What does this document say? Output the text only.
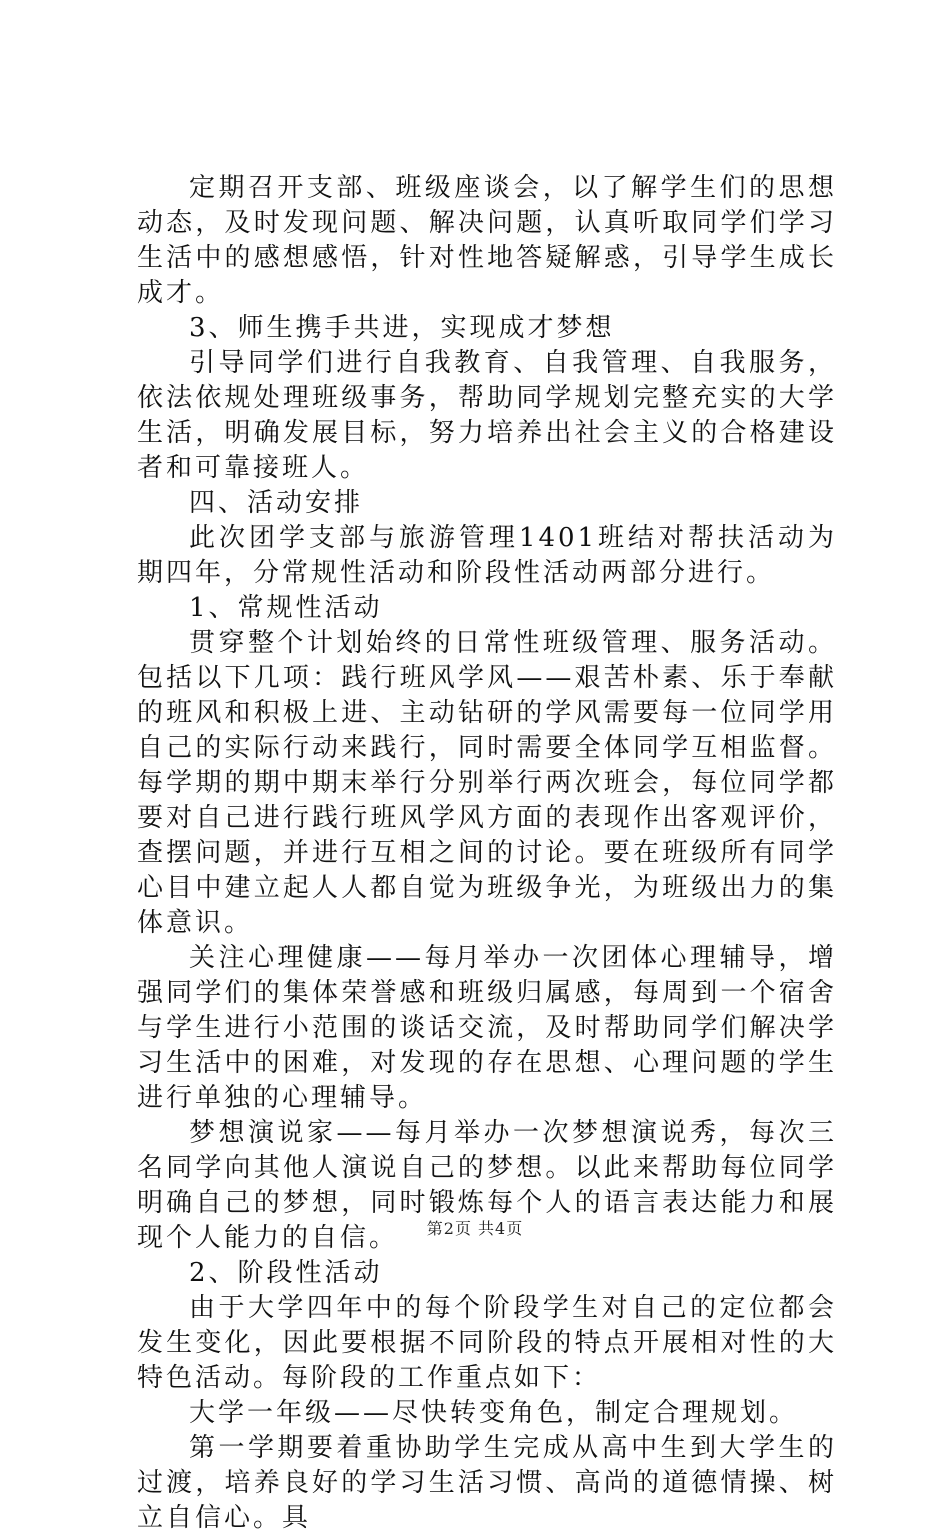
定期召开支部、班级座谈会，以了解学生们的思想动态，及时发现问题、解决问题，认真听取同学们学习生活中的感想感悟，针对性地答疑解惑，引导学生成长成才。

3、师生携手共进，实现成才梦想

引导同学们进行自我教育、自我管理、自我服务，依法依规处理班级事务，帮助同学规划完整充实的大学生活，明确发展目标，努力培养出社会主义的合格建设者和可靠接班人。

四、活动安排

此次团学支部与旅游管理1401班结对帮扶活动为期四年，分常规性活动和阶段性活动两部分进行。

1、常规性活动

贯穿整个计划始终的日常性班级管理、服务活动。包括以下几项：践行班风学风——艰苦朴素、乐于奉献的班风和积极上进、主动钻研的学风需要每一位同学用自己的实际行动来践行，同时需要全体同学互相监督。每学期的期中期末举行分别举行两次班会，每位同学都要对自己进行践行班风学风方面的表现作出客观评价，查摆问题，并进行互相之间的讨论。要在班级所有同学心目中建立起人人都自觉为班级争光，为班级出力的集体意识。

关注心理健康——每月举办一次团体心理辅导，增强同学们的集体荣誉感和班级归属感，每周到一个宿舍与学生进行小范围的谈话交流，及时帮助同学们解决学习生活中的困难，对发现的存在思想、心理问题的学生进行单独的心理辅导。

梦想演说家——每月举办一次梦想演说秀，每次三名同学向其他人演说自己的梦想。以此来帮助每位同学明确自己的梦想，同时锻炼每个人的语言表达能力和展现个人能力的自信。

2、阶段性活动

由于大学四年中的每个阶段学生对自己的定位都会发生变化，因此要根据不同阶段的特点开展相对性的大特色活动。每阶段的工作重点如下：

大学一年级——尽快转变角色，制定合理规划。

第一学期要着重协助学生完成从高中生到大学生的过渡，培养良好的学习生活习惯、高尚的道德情操、树立自信心。具

第2页 共4页
